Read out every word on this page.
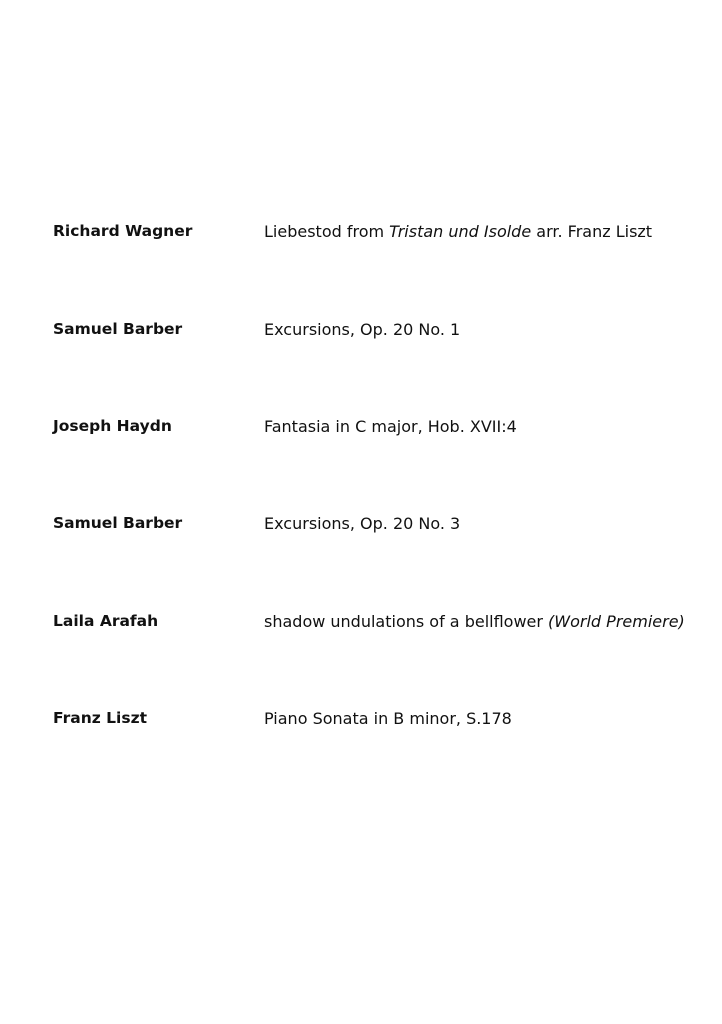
Richard Wagner	Liebestod from Tristan und Isolde arr. Franz Liszt
Samuel Barber	Excursions, Op. 20 No. 1
Joseph Haydn	Fantasia in C major, Hob. XVII:4
Samuel Barber	Excursions, Op. 20 No. 3
Laila Arafah	shadow undulations of a bellflower (World Premiere)
Franz Liszt	Piano Sonata in B minor, S.178
